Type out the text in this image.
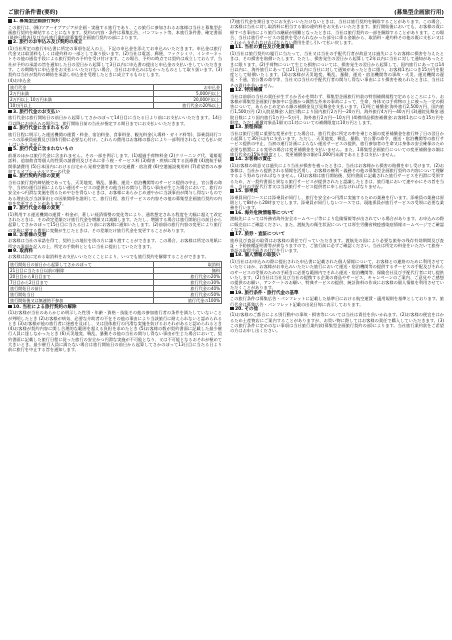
ご旅行条件書(要約)	(募集型企画旅行用)

1. 募集型企画旅行契約

この旅行は、(株)ツアーオブアジアが企画・実施する旅行であり、この旅行に参加されるお客様は当社と募集型企画旅行契約を締結することになります。契約の内容・条件は募集広告、パンフレット等、本旅行条件書、確定書面(最終日程表)及び当社旅行業約款募集型企画旅行契約の部によります。

2. 旅行のお申込み及び契約の成立

(1)当社所定の旅行申込書に所定の事項を記入の上、下記の申込金を添えてお申込みいただきます。申込金は旅行代金又は取消料もしくは違約料の一部として取り扱います。(2)当社は電話、郵便、ファクシミリ、インターネットその他の通信手段による旅行契約の予約を受け付けます。この場合、予約の時点では契約は成立しておらず、当社が予約の承諾の旨を通知した日の翌日から起算して3日以内に申込書の提出と申込金の支払いをしていただきます。この期間内に申込金をお支払いいただけない場合、当社はお申込みはなかったものとして取り扱います。(3)契約は当社が契約の締結を承諾し申込金を受理したときに成立するものとします。

(4)お申込金

旅行代金	お申込金
2万円未満	5,000円以上
2万円以上 10万円未満	20,000円以上
10万円以上	旅行代金の20%以上

3. 旅行代金のお支払い

旅行代金は旅行開始日の前日から起算してさかのぼって14日目に当たる日より前にお支払いいただきます。14日目以降にお申込みの場合は、旅行開始日前の当社が指定する期日までにお支払いいただきます。

4. 旅行代金に含まれるもの

旅行日程に明示した運送機関の運賃・料金、宿泊料金、食事料金、観光料金(入場料・ガイド料等)、添乗員同行コースの添乗員経費及び団体行動に必要な心付け。これらの費用はお客様の都合により一部利用されなくても払い戻しはいたしません。

5. 旅行代金に含まれないもの

前項のほかは旅行代金に含まれません。その一部を例示します。(1)超過手荷物料金 (2)クリーニング代、電報電話料、追加飲食等個人的性質の諸費用及びそれに伴う税・サービス料 (3)傷害・疾病に関する医療費 (4)渡航手続関係諸費用 (5)日本国内における自宅から発着空港等までの交通費・宿泊費 (6)空港施設使用料 (7)希望者のみ参加するオプショナルツアーの代金

6. 旅行契約内容の変更

当社は旅行契約締結後であっても、天災地変、戦乱、暴動、運送・宿泊機関等のサービス提供の中止、官公署の命令、当初の運行計画によらない運送サービスの提供その他当社の関与し得ない事由が生じた場合において、旅行の安全かつ円滑な実施を図るためやむを得ないときは、お客様にあらかじめ速やかに当該事由が関与し得ないものである理由及び当該事由との因果関係を説明して、旅行日程、旅行サービスの内容その他の募集型企画旅行契約の内容を変更することがあります。

7. 旅行代金の額の変更

(1)利用する運送機関の運賃・料金が、著しい経済情勢の変化等により、通常想定される程度を大幅に超えて改定されたときは、その改定差額だけ旅行代金を増額又は減額します。ただし、増額する場合は旅行開始日の前日から起算してさかのぼって15日目に当たる日より前にお客様に通知いたします。(2)前項の旅行内容の変更により旅行の実施に要する費用に変動が生じたときは、その差額だけ旅行代金を変更することがあります。

8. お客様の交替

お客様は当社の承諾を得て、契約上の地位を別の方に譲り渡すことができます。この場合、お客様は所定の用紙に所定の事項を記入の上、所定の手数料とともに当社に提出していただきます。

9. 取消料

お客様は次に定める取消料をお支払いいただくことにより、いつでも旅行契約を解除することができます。

旅行開始日の前日から起算してさかのぼって	取消料
21日目に当たる日以前の解除	無料
20日目から8日目まで	旅行代金の20%
7日目から2日目まで	旅行代金の30%
旅行開始日の前日	旅行代金の40%
旅行開始当日	旅行代金の50%
旅行開始後又は無連絡不参加	旅行代金の100%

10. 当社による旅行契約の解除

(1)お客様が当社のあらかじめ明示した性別・年齢・資格・技能その他の参加旅行者の条件を満たしていないことが判明したとき (2)お客様が病気、必要な介助者の不在その他の事由により当該旅行に耐えられないと認められるとき (3)お客様が他の旅行者に迷惑を及ぼし、又は団体旅行の円滑な実施を妨げるおそれがあると認められるとき (4)お客様が契約内容に関し合理的な範囲を超える負担を求めたとき (5)お客様の数が契約書面に記載した最少催行人員に達しなかったとき (6)天災地変、戦乱、暴動その他の当社の関与し得ない事由が生じた場合において、契約書面に記載した旅行日程に従った旅行の安全かつ円滑な実施が不可能となり、又は不可能となるおそれが極めて大きいとき。最少催行人員に満たない場合は旅行開始日の前日から起算してさかのぼって13日目に当たる日より前に旅行を中止する旨を通知します。

(7)旅行代金を期日までにお支払いいただけないときは、当社は旅行契約を解除することがあります。この場合、お客様は当社に対し取消料に相当する額の違約料をお支払いいただきます。旅行開始後においても、お客様の責に帰すべき事由により旅行の継続が困難となったときは、当社は旅行契約の一部を解除することがあります。この場合、当社は旅行サービスの提供を受けられなかった部分に係る金額から、取消料・違約料その他の既に支払い又はこれから支払わなければならない費用を差し引いて払い戻します。

11. 当社の責任及び免責事項

(1)当社は旅行契約の履行に当たって、当社又は当社の手配代行者が故意又は過失によりお客様に損害を与えたときは、その損害を賠償いたします。ただし、損害発生の翌日から起算して2年以内に当社に対して通知があったときに限ります。(2)手荷物について生じた損害については、損害発生の翌日から起算して、国内旅行にあっては14日以内に、海外旅行にあっては21日以内に当社に対して通知があったときに限り、お客様1名につき15万円を限度として賠償いたします。(3)お客様が天災地変、戦乱、暴動、運送・宿泊機関等の事故・火災、運送機関の遅延・不通、官公署の命令等、当社又は当社の手配代行者の関与し得ない事由により損害を被られたときは、当社はその責任を負いません。

12. 特別補償

当社は前項の当社の責任が生ずるか否かを問わず、募集型企画旅行約款の特別補償規程で定めるところにより、お客様が募集型企画旅行参加中に急激かつ偶然な外来の事故によって、生命、身体又は手荷物の上に被った一定の損害について、あらかじめ定める額の補償金及び見舞金を支払います。(1)死亡補償金:海外旅行2,500万円、国内旅行1,500万円 (2)入院見舞金:入院日数により国内旅行2万円〜20万円、海外旅行4万円〜40万円 (3)通院見舞金:通院日数により国内旅行1万円〜5万円、海外旅行2万円〜10万円 (4)携帯品損害補償金:お客様1名につき15万円を限度。ただし補償対象品1個又は1対についての補償限度は10万円とします。

13. 旅程保証

当社は旅行日程に重要な変更が生じた場合は、旅行代金に所定の率を乗じた額の変更補償金を旅行終了日の翌日から起算して30日以内に支払います。ただし、天災地変、戦乱、暴動、官公署の命令、運送・宿泊機関等の旅行サービス提供の中止、当初の運行計画によらない運送サービスの提供、旅行参加者の生命又は身体の安全確保のため必要な措置による変更の場合は変更補償金を支払いません。また、1募集型企画旅行についての変更補償金の額は旅行代金の15%を限度とし、変更補償金の額が1,000円未満であるときは支払いません。

14. お客様の責任

(1)お客様の故意又は過失により当社が損害を被ったときは、当社はお客様から損害の賠償を申し受けます。(2)お客様は、当社から提供される情報を活用し、お客様の権利・義務その他の募集型企画旅行契約の内容について理解するよう努めなければなりません。(3)お客様は旅行開始後、契約書面に記載された旅行サービスを円滑に受領するため、万一契約書面と異なる旅行サービスが提供されたと認識したときは、旅行地において速やかにその旨を当社、当社の手配代行者又は当該旅行サービス提供者に申し出なければなりません。

15. 添乗員

添乗員同行コースには添乗員が同行し、旅行を安全かつ円滑に実施するための業務を行います。添乗員の業務は原則として8時から20時までとします。添乗員が同行しないコースでは、現地係員が旅行サービスの受領に必要な業務を行います。

16. 海外危険情報等について

渡航先によっては外務省海外安全ホームページ等により危険情報等が出されている場合があります。お申込みの際に販売店にご確認ください。また、渡航先の衛生状況については厚生労働省検疫感染症情報ホームページでご確認ください。

17. 旅券・査証について

旅券及び査証の取得はお客様の責任で行っていただきます。渡航先の国により必要な旅券の残存有効期間及び査証・予防接種証明書等が異なりますので、ご旅行前に必ずご確認ください。当社は所定の料金をいただいて旅券・査証の取得手続きの代行を行います。

18. 個人情報の取扱い

(1)当社はお申込みの際に提出された申込書に記載された個人情報について、お客様との連絡のために利用させていただくほか、お客様がお申込みいただいた旅行において運送・宿泊機関等の提供するサービスの手配及びそれらのサービスの受領のための手続きに必要な範囲内でそれら運送・宿泊機関等、保険会社及び手配代行者に対し提供いたします。(2)当社は当社及び当社の提携する企業の商品やサービス、キャンペーンのご案内、ご意見やご感想の提供のお願い、アンケートのお願い、特典サービスの提供、統計資料の作成にお客様の個人情報を利用させていただくことがあります。

19. 旅行条件・旅行代金の基準

この旅行条件は募集広告・パンフレットに記載した基準日における航空運賃・適用規則を基準としております。旅行代金は募集広告・パンフレット記載の出発日毎に表示しております。

20. その他

(1)お客様のご都合による別行動中の事故・損害等については当社は責任を負いかねます。(2)お客様の便宜をはかるため土産物店にご案内することがありますが、お買い物に際してはお客様の責任で購入していただきます。(3)この旅行条件に定めのない事項は当社旅行業約款(募集型企画旅行契約の部)によります。当社旅行業約款をご希望の方はお申し出ください。
